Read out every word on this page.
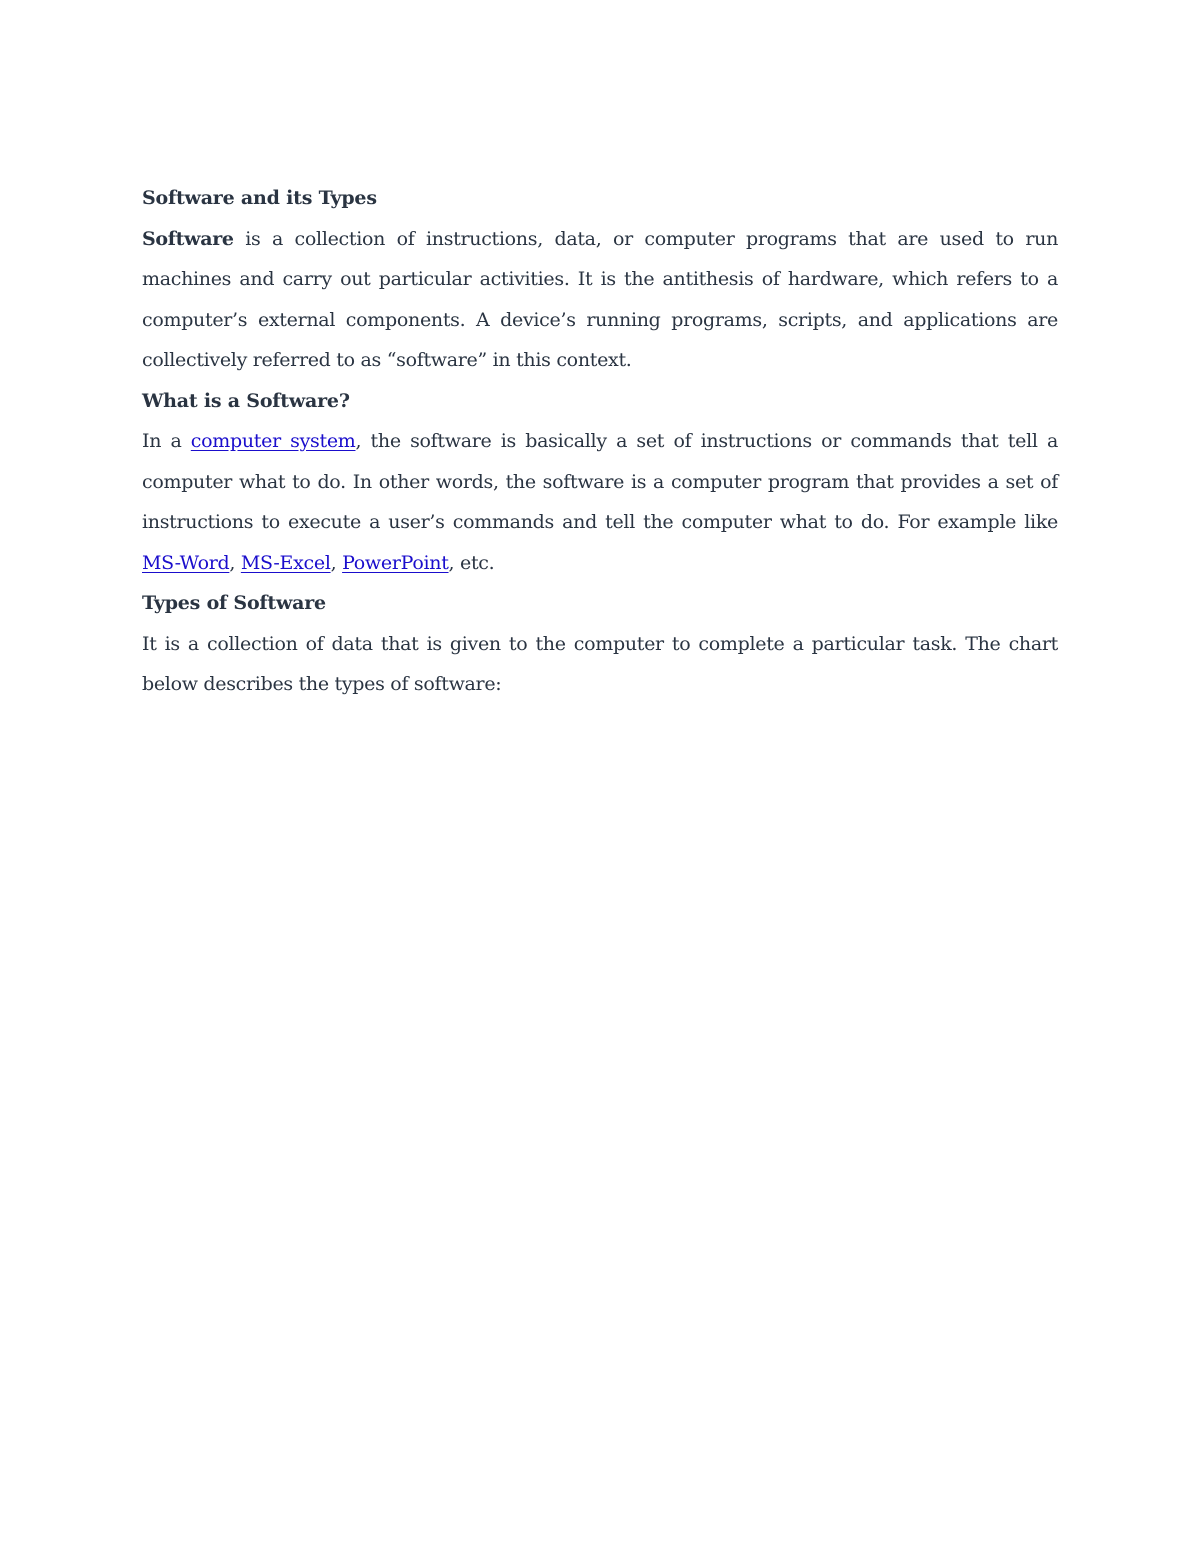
Software and its Types

Software is a collection of instructions, data, or computer programs that are used to run machines and carry out particular activities. It is the antithesis of hardware, which refers to a computer’s external components. A device’s running programs, scripts, and applications are collectively referred to as “software” in this context.

What is a Software?

In a computer system, the software is basically a set of instructions or commands that tell a computer what to do. In other words, the software is a computer program that provides a set of instructions to execute a user’s commands and tell the computer what to do. For example like MS-Word, MS-Excel, PowerPoint, etc.

Types of Software

It is a collection of data that is given to the computer to complete a particular task. The chart below describes the types of software:
